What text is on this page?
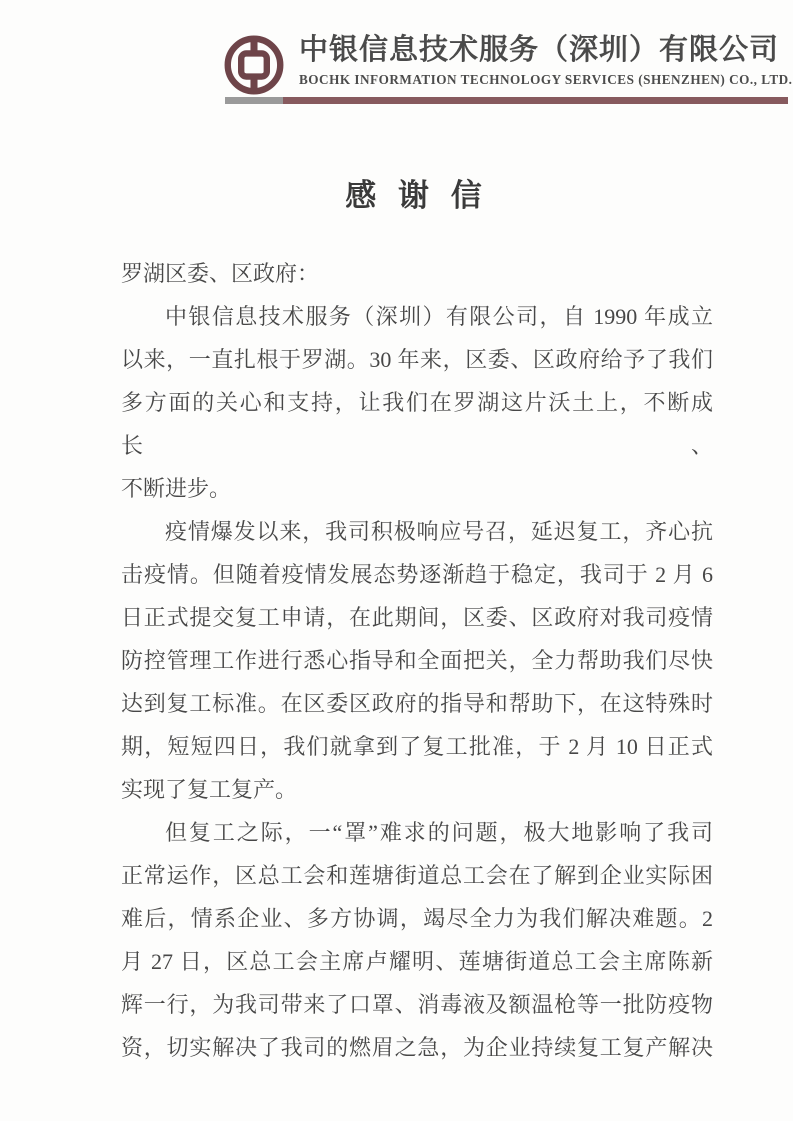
中银信息技术服务（深圳）有限公司
BOCHK INFORMATION TECHNOLOGY SERVICES (SHENZHEN) CO., LTD.
感 谢 信
罗湖区委、区政府：
中银信息技术服务（深圳）有限公司，自 1990 年成立
以来，一直扎根于罗湖。30 年来，区委、区政府给予了我们
多方面的关心和支持，让我们在罗湖这片沃土上，不断成长、
不断进步。
疫情爆发以来，我司积极响应号召，延迟复工，齐心抗
击疫情。但随着疫情发展态势逐渐趋于稳定，我司于 2 月 6
日正式提交复工申请，在此期间，区委、区政府对我司疫情
防控管理工作进行悉心指导和全面把关，全力帮助我们尽快
达到复工标准。在区委区政府的指导和帮助下，在这特殊时
期，短短四日，我们就拿到了复工批准，于 2 月 10 日正式
实现了复工复产。
但复工之际，一“罩”难求的问题，极大地影响了我司
正常运作，区总工会和莲塘街道总工会在了解到企业实际困
难后，情系企业、多方协调，竭尽全力为我们解决难题。2
月 27 日，区总工会主席卢耀明、莲塘街道总工会主席陈新
辉一行，为我司带来了口罩、消毒液及额温枪等一批防疫物
资，切实解决了我司的燃眉之急，为企业持续复工复产解决
